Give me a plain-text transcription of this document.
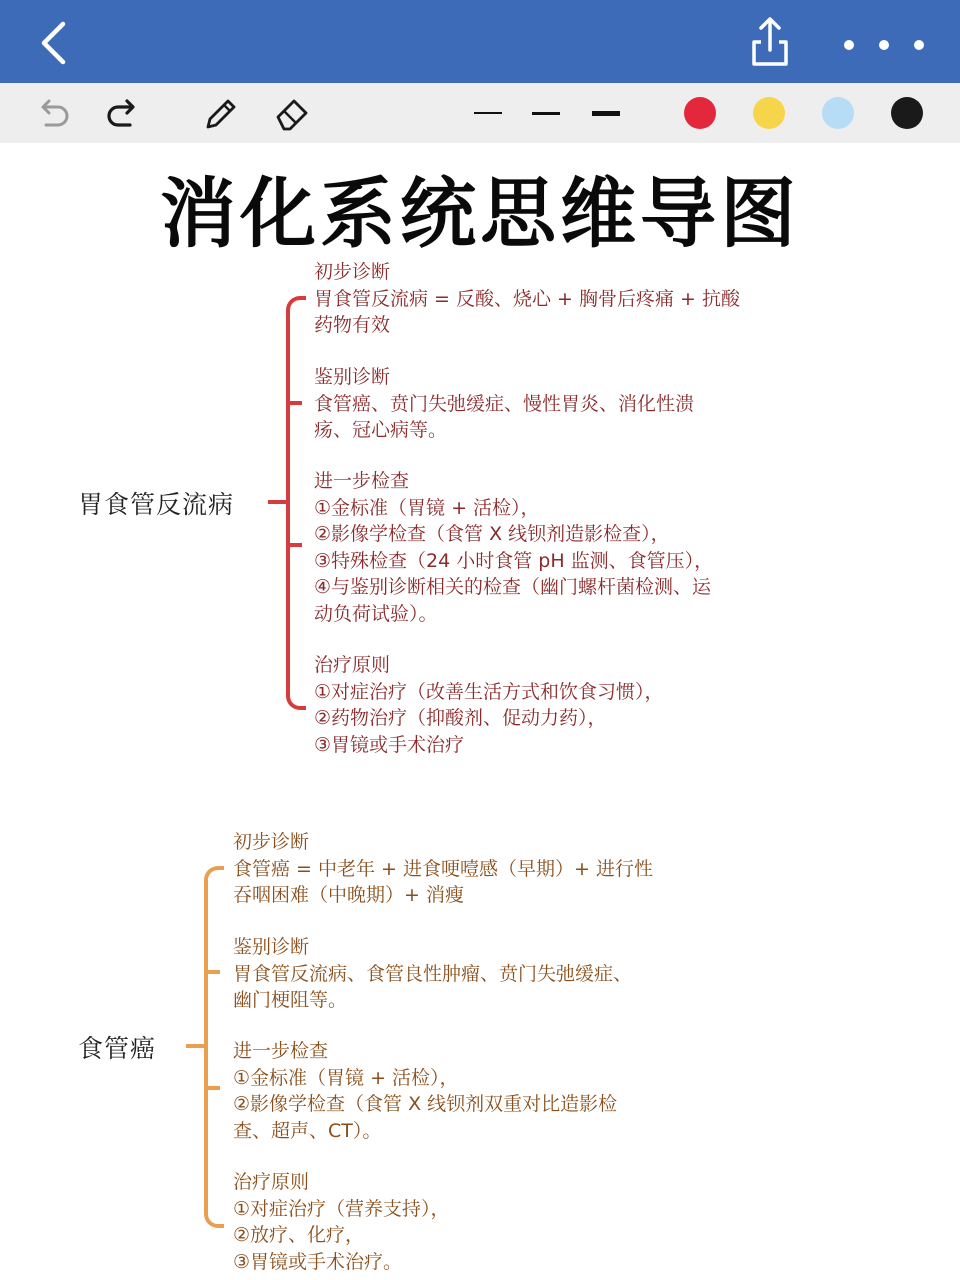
消化系统思维导图
胃食管反流病
初步诊断
胃食管反流病 = 反酸、烧心 + 胸骨后疼痛 + 抗酸
药物有效
鉴别诊断
食管癌、贲门失弛缓症、慢性胃炎、消化性溃
疡、冠心病等。
进一步检查
①金标准（胃镜 + 活检），
②影像学检查（食管 X 线钡剂造影检查），
③特殊检查（24 小时食管 pH 监测、食管压），
④与鉴别诊断相关的检查（幽门螺杆菌检测、运
动负荷试验）。
治疗原则
①对症治疗（改善生活方式和饮食习惯），
②药物治疗（抑酸剂、促动力药），
③胃镜或手术治疗
食管癌
初步诊断
食管癌 = 中老年 + 进食哽噎感（早期）+ 进行性
吞咽困难（中晚期）+ 消瘦
鉴别诊断
胃食管反流病、食管良性肿瘤、贲门失弛缓症、
幽门梗阻等。
进一步检查
①金标准（胃镜 + 活检），
②影像学检查（食管 X 线钡剂双重对比造影检
查、超声、CT）。
治疗原则
①对症治疗（营养支持），
②放疗、化疗，
③胃镜或手术治疗。
